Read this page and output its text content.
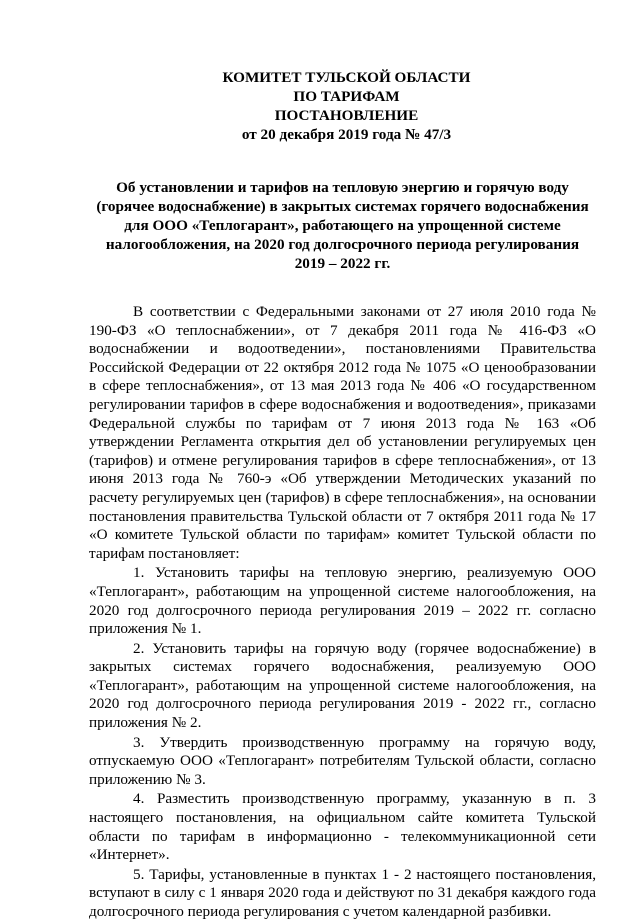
КОМИТЕТ ТУЛЬСКОЙ ОБЛАСТИ
ПО ТАРИФАМ
ПОСТАНОВЛЕНИЕ
от 20 декабря 2019 года № 47/3
Об установлении и тарифов на тепловую энергию и горячую воду (горячее водоснабжение) в закрытых системах горячего водоснабжения для ООО «Теплогарант», работающего на упрощенной системе налогообложения, на 2020 год долгосрочного периода регулирования 2019 – 2022 гг.

В соответствии с Федеральными законами от 27 июля 2010 года № 190-ФЗ «О теплоснабжении», от 7 декабря 2011 года № 416-ФЗ «О водоснабжении и водоотведении», постановлениями Правительства Российской Федерации от 22 октября 2012 года № 1075 «О ценообразовании в сфере теплоснабжения», от 13 мая 2013 года № 406 «О государственном регулировании тарифов в сфере водоснабжения и водоотведения», приказами Федеральной службы по тарифам от 7 июня 2013 года № 163 «Об утверждении Регламента открытия дел об установлении регулируемых цен (тарифов) и отмене регулирования тарифов в сфере теплоснабжения», от 13 июня 2013 года № 760-э «Об утверждении Методических указаний по расчету регулируемых цен (тарифов) в сфере теплоснабжения», на основании постановления правительства Тульской области от 7 октября 2011 года № 17 «О комитете Тульской области по тарифам» комитет Тульской области по тарифам постановляет:

1. Установить тарифы на тепловую энергию, реализуемую ООО «Теплогарант», работающим на упрощенной системе налогообложения, на 2020 год долгосрочного периода регулирования 2019 – 2022 гг. согласно приложения № 1.

2. Установить тарифы на горячую воду (горячее водоснабжение) в закрытых системах горячего водоснабжения, реализуемую ООО «Теплогарант», работающим на упрощенной системе налогообложения, на 2020 год долгосрочного периода регулирования 2019 - 2022 гг., согласно приложения № 2.

3. Утвердить производственную программу на горячую воду, отпускаемую ООО «Теплогарант» потребителям Тульской области, согласно приложению № 3.

4. Разместить производственную программу, указанную в п. 3 настоящего постановления, на официальном сайте комитета Тульской области по тарифам в информационно - телекоммуникационной сети «Интернет».

5. Тарифы, установленные в пунктах 1 - 2 настоящего постановления, вступают в силу с 1 января 2020 года и действуют по 31 декабря каждого года долгосрочного периода регулирования с учетом календарной разбивки.
